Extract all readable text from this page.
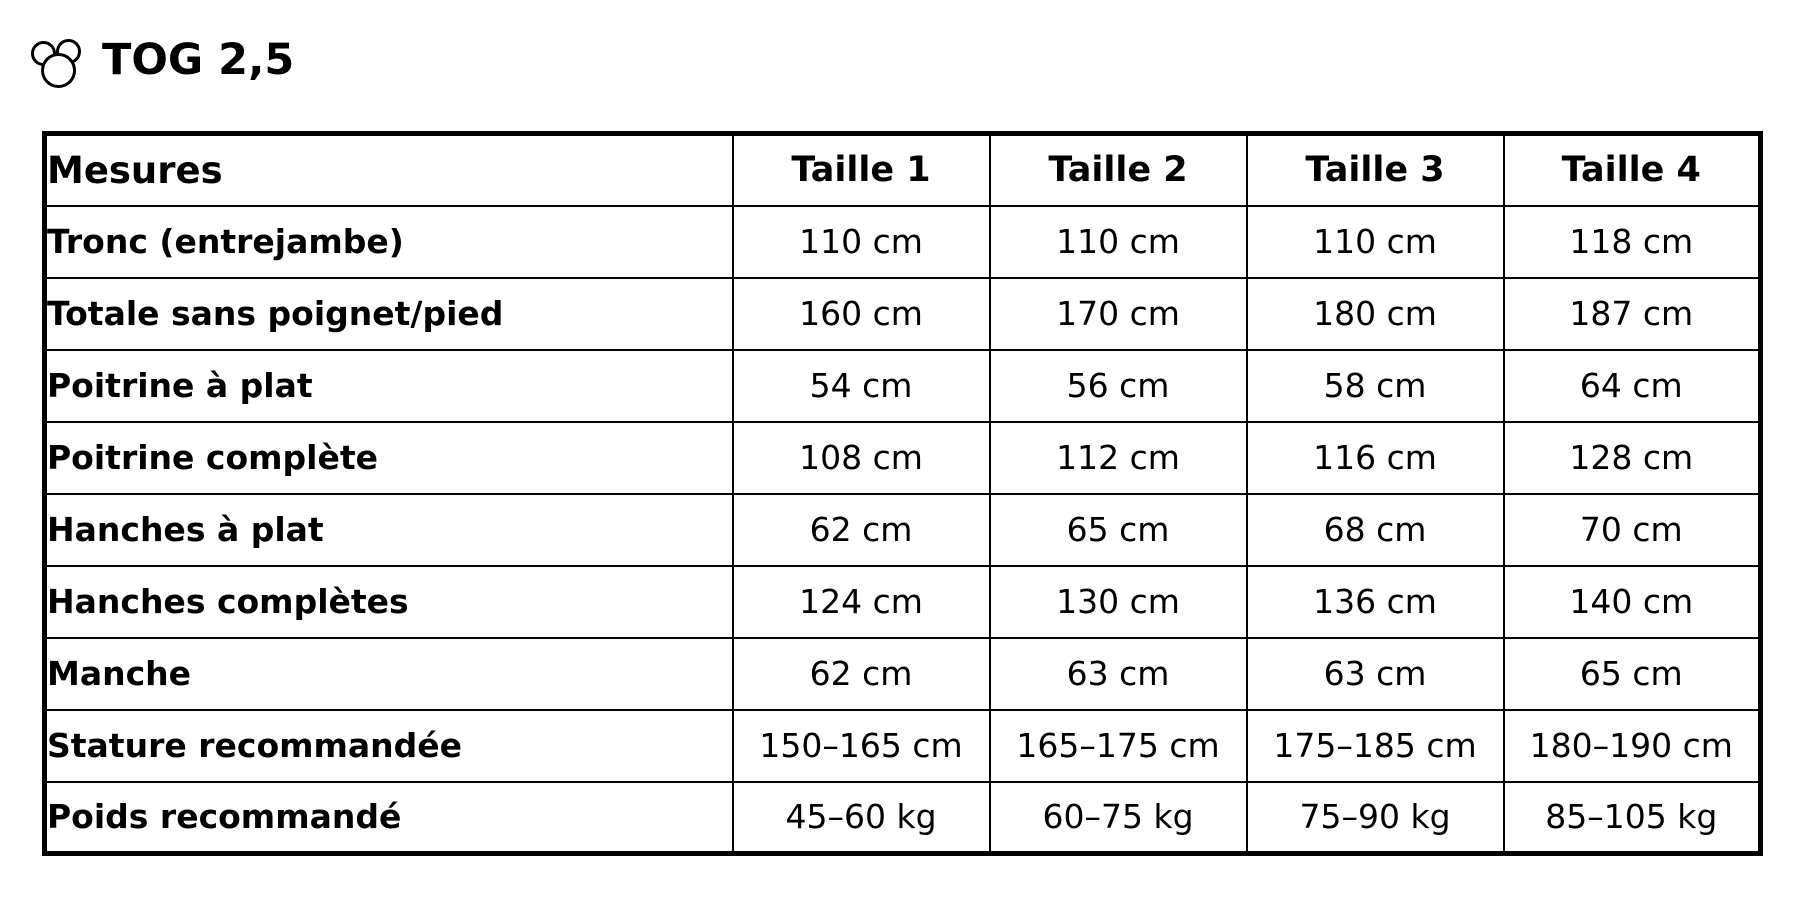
TOG 2,5
Mesures	Taille 1	Taille 2	Taille 3	Taille 4
Tronc (entrejambe)	110 cm	110 cm	110 cm	118 cm
Totale sans poignet/pied	160 cm	170 cm	180 cm	187 cm
Poitrine à plat	54 cm	56 cm	58 cm	64 cm
Poitrine complète	108 cm	112 cm	116 cm	128 cm
Hanches à plat	62 cm	65 cm	68 cm	70 cm
Hanches complètes	124 cm	130 cm	136 cm	140 cm
Manche	62 cm	63 cm	63 cm	65 cm
Stature recommandée	150–165 cm	165–175 cm	175–185 cm	180–190 cm
Poids recommandé	45–60 kg	60–75 kg	75–90 kg	85–105 kg
